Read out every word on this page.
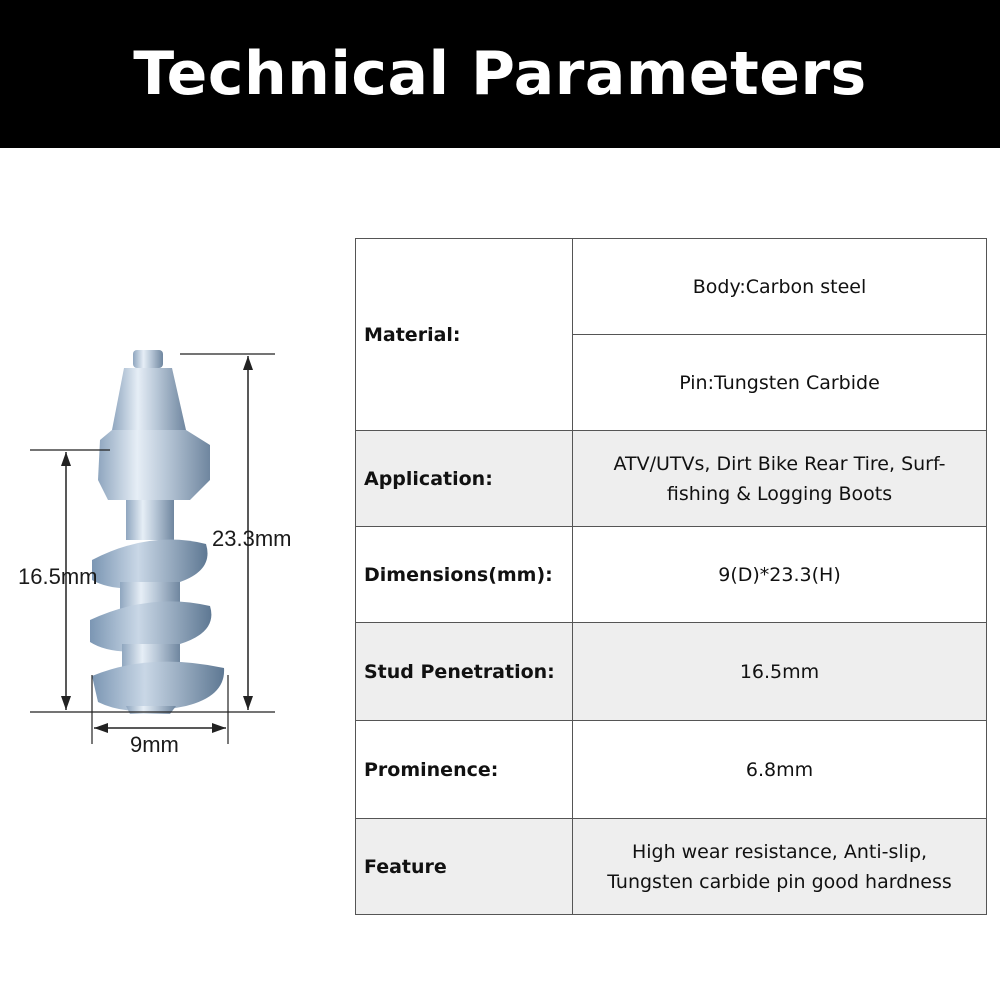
Technical Parameters
23.3mm
16.5mm
9mm
Material:	Body:Carbon steel
	Pin:Tungsten Carbide
Application:	ATV/UTVs, Dirt Bike Rear Tire, Surf-
fishing & Logging Boots

Dimensions(mm):	9(D)*23.3(H)
Stud Penetration:	16.5mm
Prominence:	6.8mm
Feature	High wear resistance, Anti-slip,
Tungsten carbide pin good hardness
